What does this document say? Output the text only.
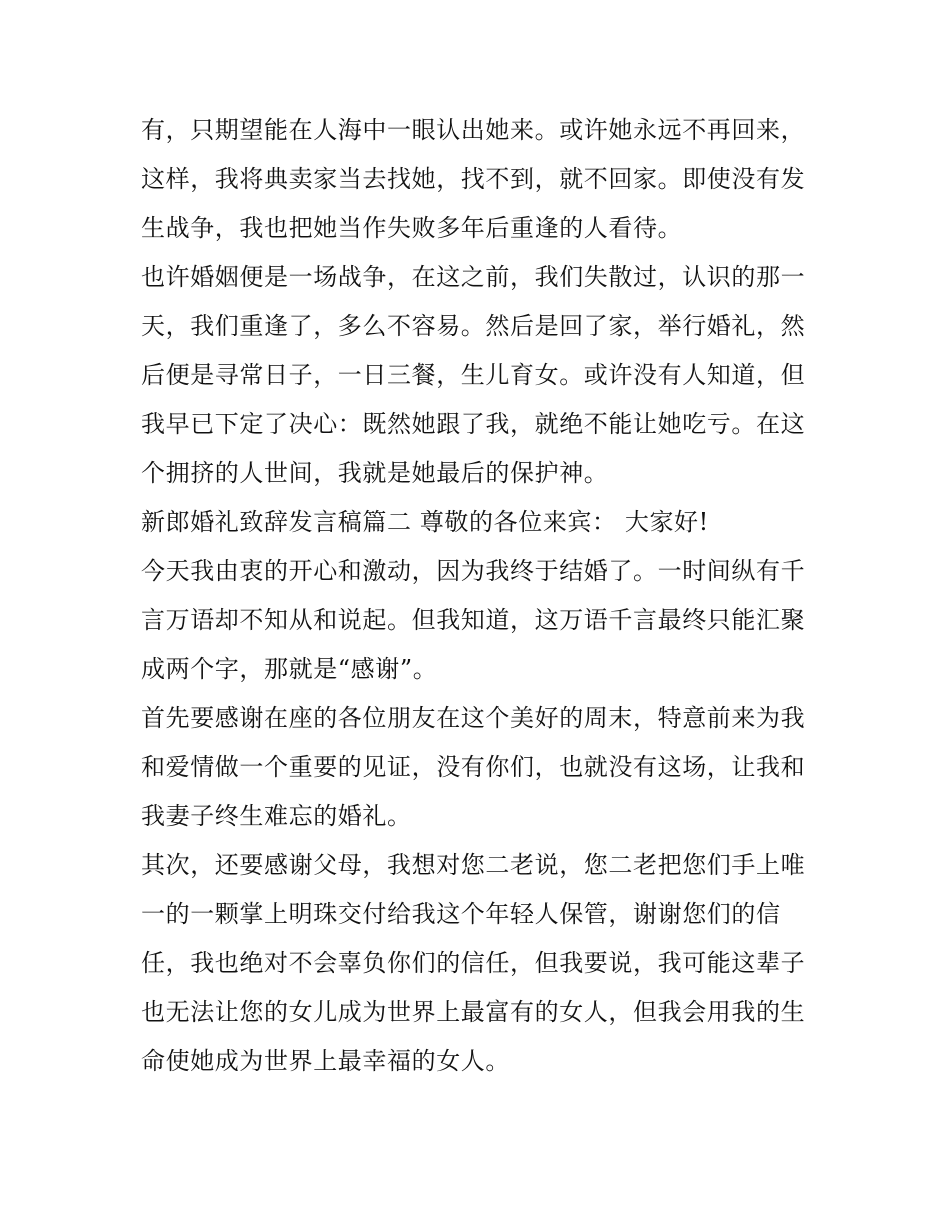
有，只期望能在人海中一眼认出她来。或许她永远不再回来，
这样，我将典卖家当去找她，找不到，就不回家。即使没有发
生战争，我也把她当作失败多年后重逢的人看待。
也许婚姻便是一场战争，在这之前，我们失散过，认识的那一
天，我们重逢了，多么不容易。然后是回了家，举行婚礼，然
后便是寻常日子，一日三餐，生儿育女。或许没有人知道，但
我早已下定了决心：既然她跟了我，就绝不能让她吃亏。在这
个拥挤的人世间，我就是她最后的保护神。
新郎婚礼致辞发言稿篇二 尊敬的各位来宾： 大家好!
今天我由衷的开心和激动，因为我终于结婚了。一时间纵有千
言万语却不知从和说起。但我知道，这万语千言最终只能汇聚
成两个字，那就是“感谢”。
首先要感谢在座的各位朋友在这个美好的周末，特意前来为我
和爱情做一个重要的见证，没有你们，也就没有这场，让我和
我妻子终生难忘的婚礼。
其次，还要感谢父母，我想对您二老说，您二老把您们手上唯
一的一颗掌上明珠交付给我这个年轻人保管，谢谢您们的信
任，我也绝对不会辜负你们的信任，但我要说，我可能这辈子
也无法让您的女儿成为世界上最富有的女人，但我会用我的生
命使她成为世界上最幸福的女人。
